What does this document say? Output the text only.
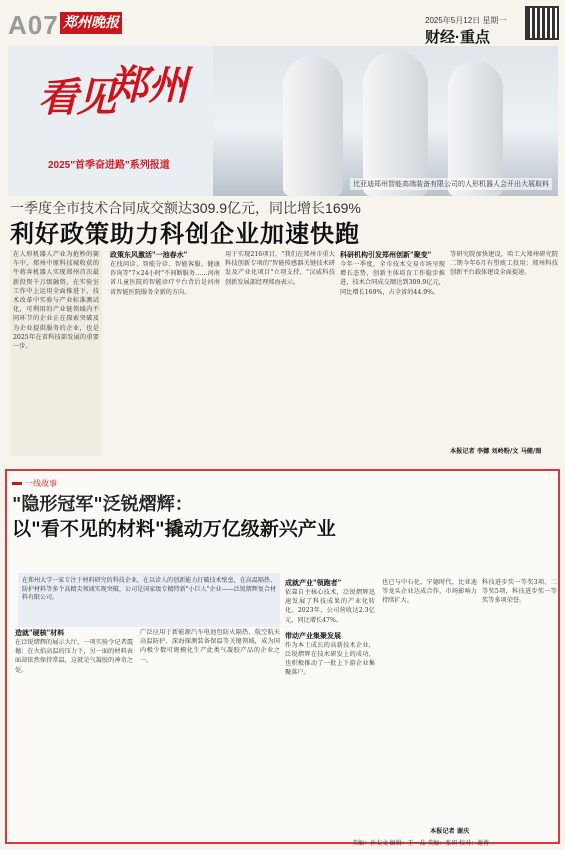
A07 郑州晚报	2025年5月12日 星期一
财经·重点
比亚迪郑州智能高端装备有限公司的人形机器人会开出大展取料
看见
郑州
2025"首季奋进路"系列报道
一季度全市技术合同成交额达309.9亿元，同比增长169%
利好政策助力科创企业加速快跑
在人形机器人产业为抢秒的赛车中，郑州中原科技城收获的牛蒋奔机器人实现郑州首次最新投资千万级融资，在实验室工作中上运用全面推进下，技术改革中实验与产业标准测试化，可利用的产业链领域内不同环节的企业正在探索突破及为企业提供服务的企业，也是2025年在省科技部发展的重要一步。
政策东风激活"一池春水"
在找问诊、智能分诊、智能客服、健康咨询等"7×24小时"不间断服务……河南省儿童医院的智能诊疗平台背后是河南省智能医院服务全新的方向。
用于实现216项目，"我们在郑州市重大科技创新专项的"智能传感器关键技术研发及产业化项目"立项支持，"汉威科技创新发展部经理郑海表示。
科研机构引发郑州创新"聚变"
今年一季度，全市技术交易市场呈现增长态势，创新主体培育工作稳步推进，技术合同成交额达到309.9亿元，同比增长169%，占全省的44.9%。
等研究院加快建设，哈工大郑州研究院二期今年6月有望竣工投用；郑州科技创新平台载体建设全面提速。
本报记者 李娜 刘岭粉/文 马健/图
一线故事
"隐形冠军"泛锐熠辉：
以"看不见的材料"撬动万亿级新兴产业
在郑州大学一家专注于材料研究的科技企业，在以诊人的创新能力打破技术壁垒，在高温隔热、防护材料等多个高精尖领域实现突破，公司是国家级专精特新"小巨人"企业——泛锐熠辉复合材料有限公司。
造就"硬核"材料
在泛锐熠辉的展示大厅，一项实验令记者震撼：在火焰高温的压力下，另一面的材料表面却依然保持常温，这就是气凝胶的神奇之处。
广泛应用于新能源汽车电池包防火隔热、航空航天高温防护、深海探测装备保温等关键领域，成为国内极少数可规模化生产此类气凝胶产品的企业之一。
成就产业"领跑者"
依靠自主核心技术，泛锐熠辉迅速发展了科技成果的产业化转化。2023年，公司营收达2.3亿元，同比增长47%。
带动产业集聚发展
作为本土成长的高新技术企业，泛锐熠辉在技术研发上的成功，也积极推动了一批上下游企业集聚落户。
也已与中石化、宁德时代、比亚迪等龙头企业达成合作，市场影响力持续扩大。
科技进步奖一等奖3项、二等奖5项，科技进步奖一等奖等多项荣誉。
本报记者 谢庆
美编：孙友文 编辑：王一晶 美编：张研 校对：谢菁
